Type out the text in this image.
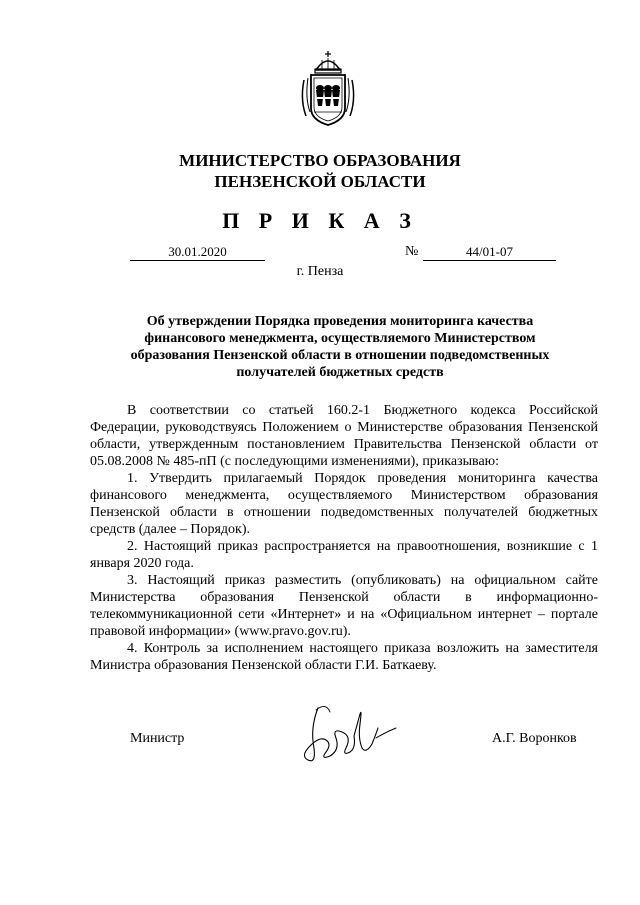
МИНИСТЕРСТВО ОБРАЗОВАНИЯ
ПЕНЗЕНСКОЙ ОБЛАСТИ
П Р И К А З
30.01.2020	№	44/01-07
г. Пенза
Об утверждении Порядка проведения мониторинга качества финансового менеджмента, осуществляемого Министерством образования Пензенской области в отношении подведомственных получателей бюджетных средств

В соответствии со статьей 160.2-1 Бюджетного кодекса Российской Федерации, руководствуясь Положением о Министерстве образования Пензенской области, утвержденным постановлением Правительства Пензенской области от 05.08.2008 № 485-пП (с последующими изменениями), приказываю:

1. Утвердить прилагаемый Порядок проведения мониторинга качества финансового менеджмента, осуществляемого Министерством образования Пензенской области в отношении подведомственных получателей бюджетных средств (далее – Порядок).

2. Настоящий приказ распространяется на правоотношения, возникшие с 1 января 2020 года.

3. Настоящий приказ разместить (опубликовать) на официальном сайте Министерства образования Пензенской области в информационно-телекоммуникационной сети «Интернет» и на «Официальном интернет – портале правовой информации» (www.pravo.gov.ru).

4. Контроль за исполнением настоящего приказа возложить на заместителя Министра образования Пензенской области Г.И. Баткаеву.

Министр	А.Г. Воронков
